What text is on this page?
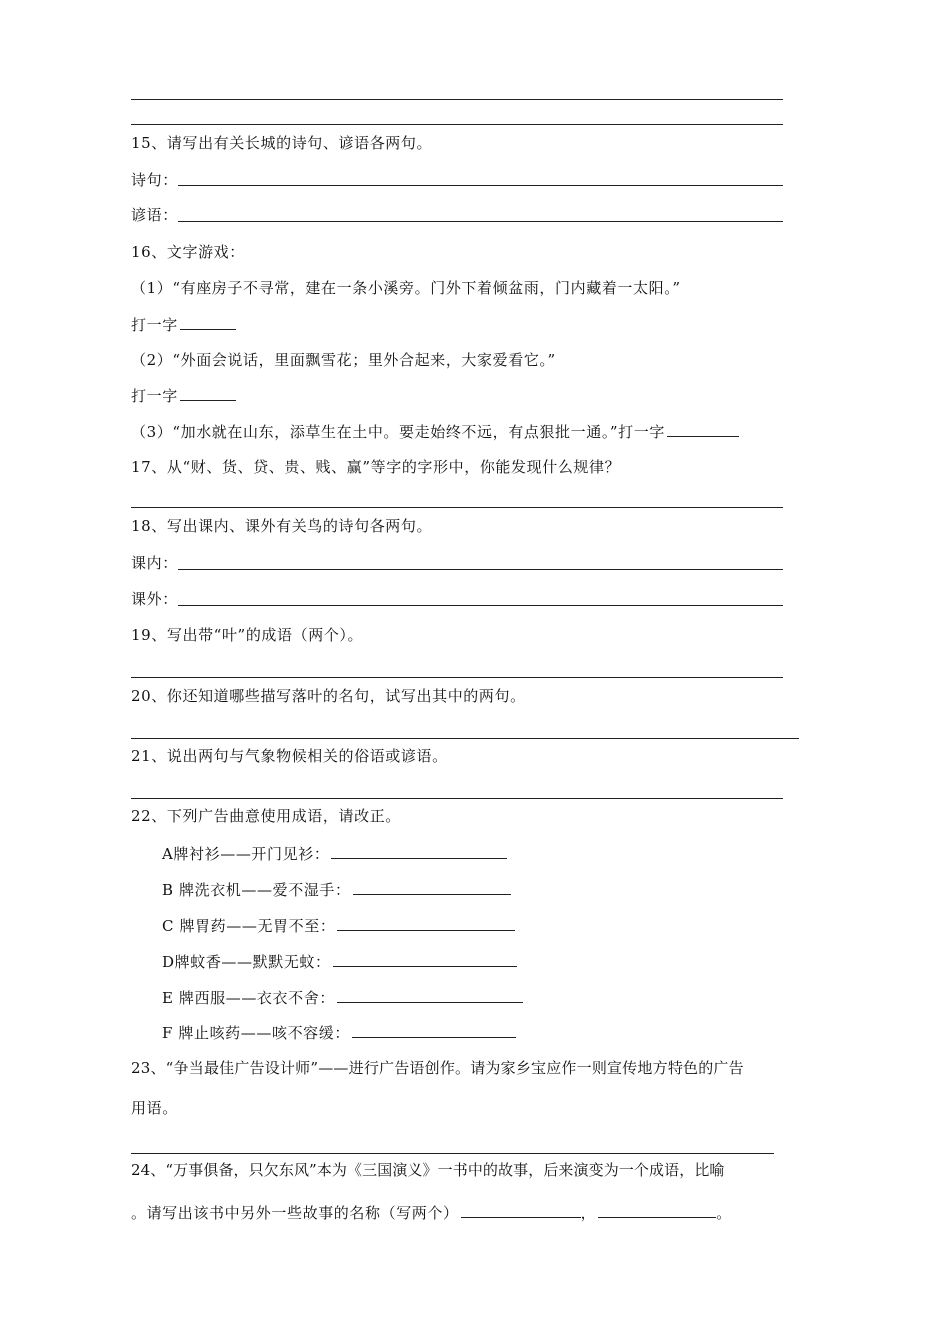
15、请写出有关长城的诗句、谚语各两句。
诗句：
谚语：
16、文字游戏：
（1）“有座房子不寻常，建在一条小溪旁。门外下着倾盆雨，门内藏着一太阳。”
打一字
（2）“外面会说话，里面飘雪花；里外合起来，大家爱看它。”
打一字
（3）“加水就在山东，添草生在土中。要走始终不远，有点狠批一通。”打一字
17、从“财、货、贷、贵、贱、赢”等字的字形中，你能发现什么规律？
18、写出课内、课外有关鸟的诗句各两句。
课内：
课外：
19、写出带“叶”的成语（两个）。
20、你还知道哪些描写落叶的名句，试写出其中的两句。
21、说出两句与气象物候相关的俗语或谚语。
22、下列广告曲意使用成语，请改正。
A牌衬衫——开门见衫：
B 牌洗衣机——爱不湿手：
C 牌胃药——无胃不至：
D牌蚊香——默默无蚊：
E 牌西服——衣衣不舍：
F 牌止咳药——咳不容缓：
23、“争当最佳广告设计师”——进行广告语创作。请为家乡宝应作一则宣传地方特色的广告
用语。
24、“万事俱备，只欠东风”本为《三国演义》一书中的故事，后来演变为一个成语，比喻
。请写出该书中另外一些故事的名称（写两个）	，	。
